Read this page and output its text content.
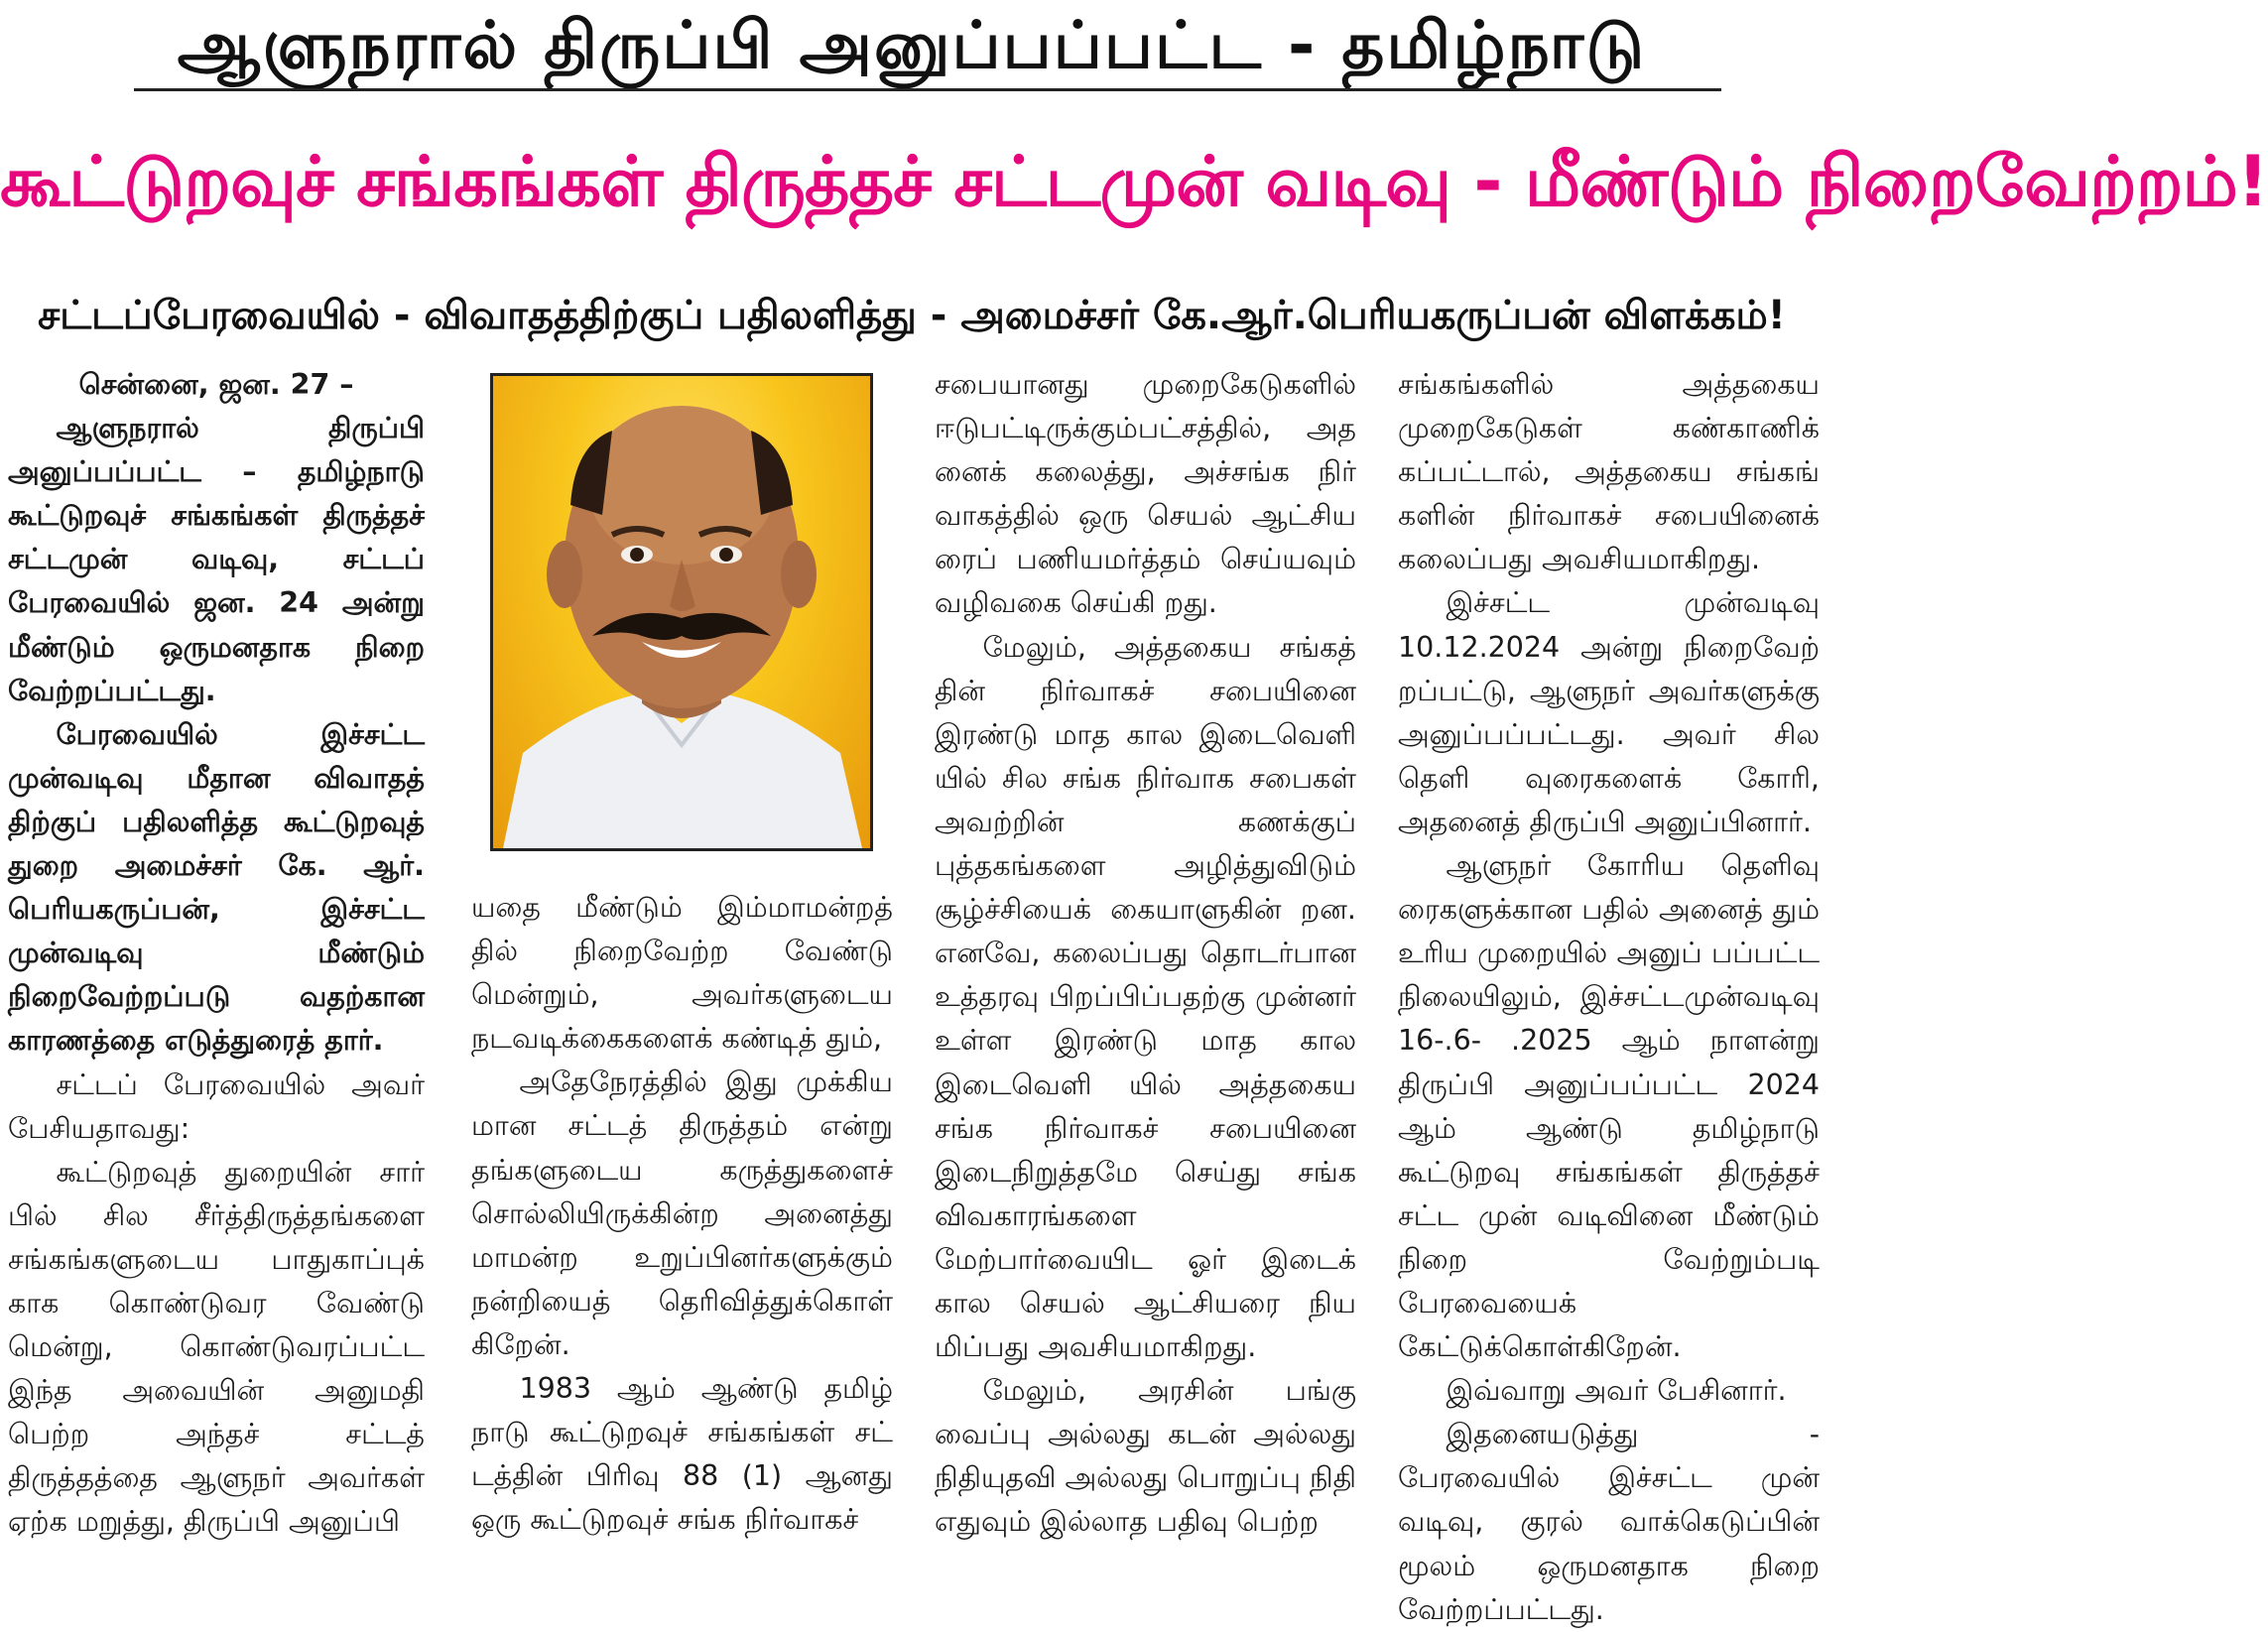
ஆளுநரால் திருப்பி அனுப்பப்பட்ட - தமிழ்நாடு
கூட்டுறவுச் சங்கங்கள் திருத்தச் சட்டமுன் வடிவு - மீண்டும் நிறைவேற்றம்!
சட்டப்பேரவையில் - விவாதத்திற்குப் பதிலளித்து - அமைச்சர் கே.ஆர்.பெரியகருப்பன் விளக்கம்!
சென்னை, ஜன. 27 –

ஆளுநரால் திருப்பி அனுப்பப்பட்ட – தமிழ்நாடு கூட்டுறவுச் சங்கங்கள் திருத்தச் சட்டமுன் வடிவு, சட்டப் பேரவையில் ஜன. 24 அன்று மீண்டும் ஒருமனதாக நிறை வேற்றப்பட்டது.

பேரவையில் இச்சட்ட முன்வடிவு மீதான விவாதத் திற்குப் பதிலளித்த கூட்டுறவுத் துறை அமைச்சர் கே. ஆர். பெரியகருப்பன், இச்சட்ட முன்வடிவு மீண்டும் நிறைவேற்றப்படு வதற்கான காரணத்தை எடுத்துரைத் தார்.

சட்டப் பேரவையில் அவர் பேசியதாவது:

கூட்டுறவுத் துறையின் சார் பில் சில சீர்த்திருத்தங்களை சங்கங்களுடைய பாதுகாப்புக் காக கொண்டுவர வேண்டு மென்று, கொண்டுவரப்பட்ட இந்த அவையின் அனுமதி பெற்ற அந்தச் சட்டத் திருத்தத்தை ஆளுநர் அவர்கள் ஏற்க மறுத்து, திருப்பி அனுப்பி

யதை மீண்டும் இம்மாமன்றத் தில் நிறைவேற்ற வேண்டு மென்றும், அவர்களுடைய நடவடிக்கைகளைக் கண்டித் தும்,

அதேநேரத்தில் இது முக்கிய மான சட்டத் திருத்தம் என்று தங்களுடைய கருத்துகளைச் சொல்லியிருக்கின்ற அனைத்து மாமன்ற உறுப்பினர்களுக்கும் நன்றியைத் தெரிவித்துக்கொள் கிறேன்.

1983 ஆம் ஆண்டு தமிழ் நாடு கூட்டுறவுச் சங்கங்கள் சட் டத்தின் பிரிவு 88 (1) ஆனது ஒரு கூட்டுறவுச் சங்க நிர்வாகச்

சபையானது முறைகேடுகளில் ஈடுபட்டிருக்கும்பட்சத்தில், அத னைக் கலைத்து, அச்சங்க நிர் வாகத்தில் ஒரு செயல் ஆட்சிய ரைப் பணியமர்த்தம் செய்யவும் வழிவகை செய்கி றது.

மேலும், அத்தகைய சங்கத் தின் நிர்வாகச் சபையினை இரண்டு மாத கால இடைவெளி யில் சில சங்க நிர்வாக சபைகள் அவற்றின் கணக்குப் புத்தகங்களை அழித்துவிடும் சூழ்ச்சியைக் கையாளுகின் றன. எனவே, கலைப்பது தொடர்பான உத்தரவு பிறப்பிப்பதற்கு முன்னர் உள்ள இரண்டு மாத கால இடைவெளி யில் அத்தகைய சங்க நிர்வாகச் சபையினை இடைநிறுத்தமே செய்து சங்க விவகாரங்களை மேற்பார்வையிட ஓர் இடைக் கால செயல் ஆட்சியரை நிய மிப்பது அவசியமாகிறது.

மேலும், அரசின் பங்கு வைப்பு அல்லது கடன் அல்லது நிதியுதவி அல்லது பொறுப்பு நிதி எதுவும் இல்லாத பதிவு பெற்ற

சங்கங்களில் அத்தகைய முறைகேடுகள் கண்காணிக் கப்பட்டால், அத்தகைய சங்கங் களின் நிர்வாகச் சபையினைக் கலைப்பது அவசியமாகிறது.

இச்சட்ட முன்வடிவு 10.12.2024 அன்று நிறைவேற் றப்பட்டு, ஆளுநர் அவர்களுக்கு அனுப்பப்பட்டது. அவர் சில தெளி வுரைகளைக் கோரி, அதனைத் திருப்பி அனுப்பினார்.

ஆளுநர் கோரிய தெளிவு ரைகளுக்கான பதில் அனைத் தும் உரிய முறையில் அனுப் பப்பட்ட நிலையிலும், இச்சட்டமுன்வடிவு 16-.6- .2025 ஆம் நாளன்று திருப்பி அனுப்பப்பட்ட 2024 ஆம் ஆண்டு தமிழ்நாடு கூட்டுறவு சங்கங்கள் திருத்தச் சட்ட முன் வடிவினை மீண்டும் நிறை வேற்றும்படி பேரவையைக் கேட்டுக்கொள்கிறேன்.

இவ்வாறு அவர் பேசினார்.

இதனையடுத்து - பேரவையில் இச்சட்ட முன் வடிவு, குரல் வாக்கெடுப்பின் மூலம் ஒருமனதாக நிறை வேற்றப்பட்டது.
